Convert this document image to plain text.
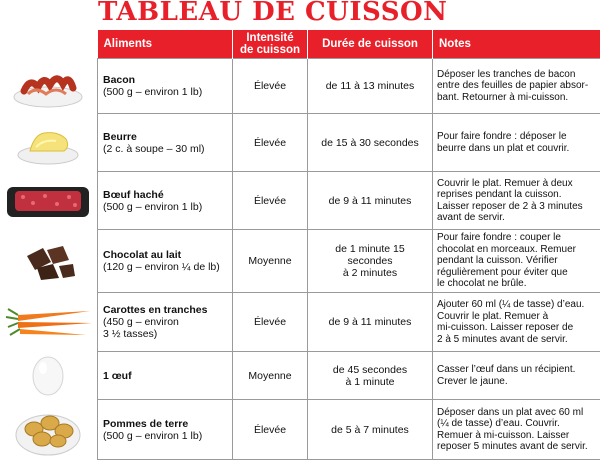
TABLEAU DE CUISSON
Aliments	Intensité
de cuisson	Durée de cuisson	Notes

Bacon
(500 g – environ 1 lb)	Élevée	de 11 à 13 minutes	Déposer les tranches de bacon
entre des feuilles de papier absor-
bant. Retourner à mi-cuisson.

Beurre
(2 c. à soupe – 30 ml)	Élevée	de 15 à 30 secondes	Pour faire fondre : déposer le
beurre dans un plat et couvrir.

Bœuf haché
(500 g – environ 1 lb)	Élevée	de 9 à 11 minutes	Couvrir le plat. Remuer à deux
reprises pendant la cuisson.
Laisser reposer de 2 à 3 minutes
avant de servir.

Chocolat au lait
(120 g – environ ¼ de lb)	Moyenne	de 1 minute 15 secondes
à 2 minutes	Pour faire fondre : couper le
chocolat en morceaux. Remuer
pendant la cuisson. Vérifier
régulièrement pour éviter que
le chocolat ne brûle.

Carottes en tranches
(450 g – environ
3 ½ tasses)	Élevée	de 9 à 11 minutes	Ajouter 60 ml (¼ de tasse) d’eau.
Couvrir le plat. Remuer à
mi-cuisson. Laisser reposer de
2 à 5 minutes avant de servir.

1 œuf	Moyenne	de 45 secondes
à 1 minute	Casser l’œuf dans un récipient.
Crever le jaune.

Pommes de terre
(500 g – environ 1 lb)	Élevée	de 5 à 7 minutes	Déposer dans un plat avec 60 ml
(¼ de tasse) d’eau. Couvrir.
Remuer à mi-cuisson. Laisser
reposer 5 minutes avant de servir.
